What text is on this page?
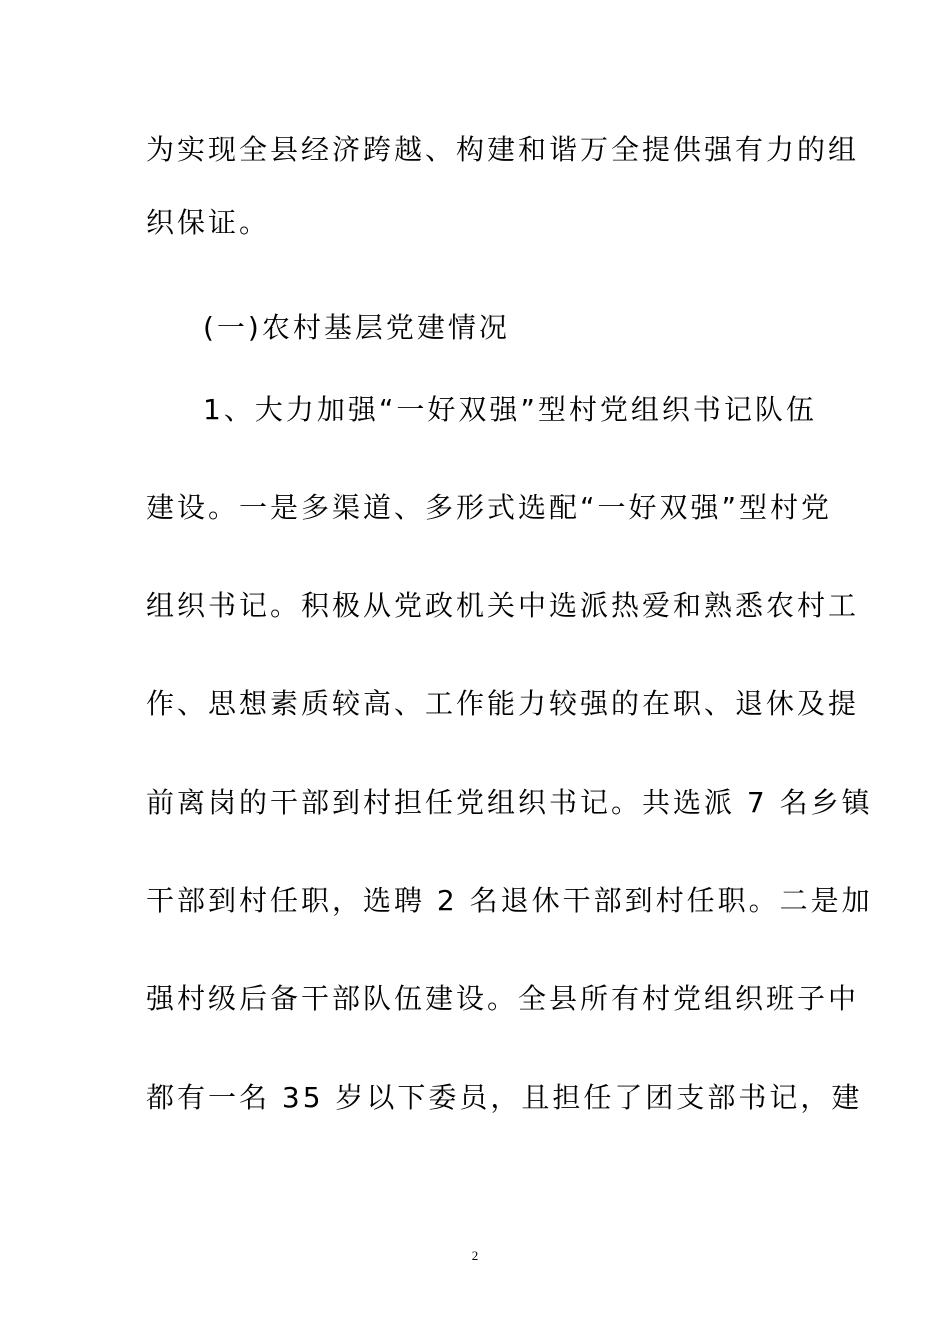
为实现全县经济跨越、构建和谐万全提供强有力的组
织保证。
(一)农村基层党建情况
1、大力加强“一好双强”型村党组织书记队伍
建设。一是多渠道、多形式选配“一好双强”型村党
组织书记。积极从党政机关中选派热爱和熟悉农村工
作、思想素质较高、工作能力较强的在职、退休及提
前离岗的干部到村担任党组织书记。共选派 7 名乡镇
干部到村任职，选聘 2 名退休干部到村任职。二是加
强村级后备干部队伍建设。全县所有村党组织班子中
都有一名 35 岁以下委员，且担任了团支部书记，建
2
